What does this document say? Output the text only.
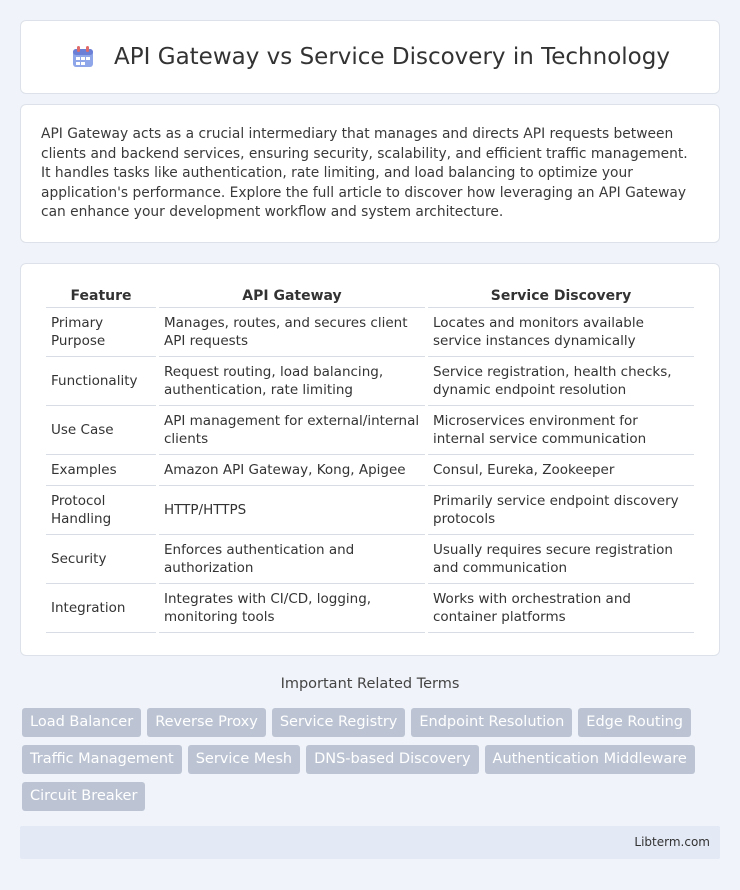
API Gateway vs Service Discovery in Technology

API Gateway acts as a crucial intermediary that manages and directs API requests between clients and backend services, ensuring security, scalability, and efficient traffic management. It handles tasks like authentication, rate limiting, and load balancing to optimize your application's performance. Explore the full article to discover how leveraging an API Gateway can enhance your development workflow and system architecture.

Feature	API Gateway	Service Discovery
Primary Purpose	Manages, routes, and secures client API requests	Locates and monitors available service instances dynamically
Functionality	Request routing, load balancing, authentication, rate limiting	Service registration, health checks, dynamic endpoint resolution
Use Case	API management for external/internal clients	Microservices environment for internal service communication
Examples	Amazon API Gateway, Kong, Apigee	Consul, Eureka, Zookeeper
Protocol Handling	HTTP/HTTPS	Primarily service endpoint discovery protocols
Security	Enforces authentication and authorization	Usually requires secure registration and communication
Integration	Integrates with CI/CD, logging, monitoring tools	Works with orchestration and container platforms
Important Related Terms
Load Balancer	Reverse Proxy	Service Registry	Endpoint Resolution	Edge Routing
Traffic Management	Service Mesh	DNS-based Discovery	Authentication Middleware
Circuit Breaker
Libterm.com
